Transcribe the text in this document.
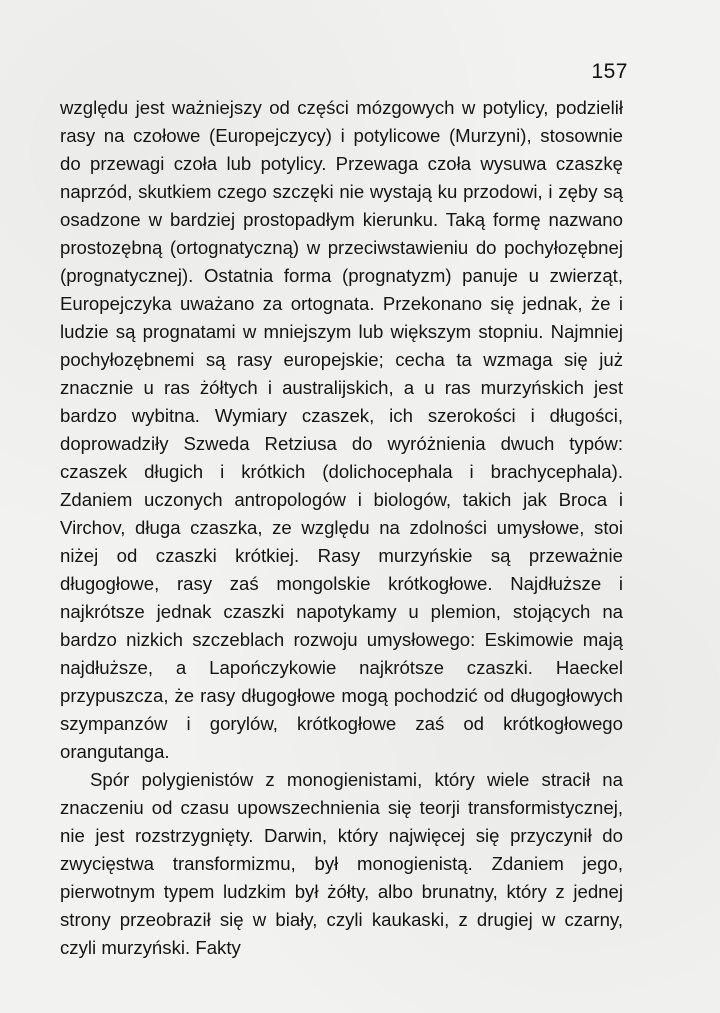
157

względu jest ważniejszy od części mózgowych w potylicy, podzielił rasy na czołowe (Europejczycy) i potylicowe (Murzyni), stosownie do przewagi czoła lub potylicy. Przewaga czoła wysuwa czaszkę naprzód, skutkiem czego szczęki nie wystają ku przodowi, i zęby są osadzone w bardziej prostopadłym kierunku. Taką formę nazwano prostozębną (ortognatyczną) w przeciwstawieniu do pochyłozębnej (prognatycznej). Ostatnia forma (prognatyzm) panuje u zwierząt, Europejczyka uważano za ortognata. Przekonano się jednak, że i ludzie są prognatami w mniejszym lub większym stopniu. Najmniej pochyłozębnemi są rasy europejskie; cecha ta wzmaga się już znacznie u ras żółtych i australijskich, a u ras murzyńskich jest bardzo wybitna. Wymiary czaszek, ich szerokości i długości, doprowadziły Szweda Retziusa do wyróżnienia dwuch typów: czaszek długich i krótkich (dolichocephala i brachycephala). Zdaniem uczonych antropologów i biologów, takich jak Broca i Virchov, długa czaszka, ze względu na zdolności umysłowe, stoi niżej od czaszki krótkiej. Rasy murzyńskie są przeważnie długogłowe, rasy zaś mongolskie krótkogłowe. Najdłuższe i najkrótsze jednak czaszki napotykamy u plemion, stojących na bardzo nizkich szczeblach rozwoju umysłowego: Eskimowie mają najdłuższe, a Lapończykowie najkrótsze czaszki. Haeckel przypuszcza, że rasy długogłowe mogą pochodzić od długogłowych szympanzów i gorylów, krótkogłowe zaś od krótkogłowego orangutanga.

Spór polygienistów z monogienistami, który wiele stracił na znaczeniu od czasu upowszechnienia się teorji transformistycznej, nie jest rozstrzygnięty. Darwin, który najwięcej się przyczynił do zwycięstwa transformizmu, był monogienistą. Zdaniem jego, pierwotnym typem ludzkim był żółty, albo brunatny, który z jednej strony przeobraził się w biały, czyli kaukaski, z drugiej w czarny, czyli murzyński. Fakty
